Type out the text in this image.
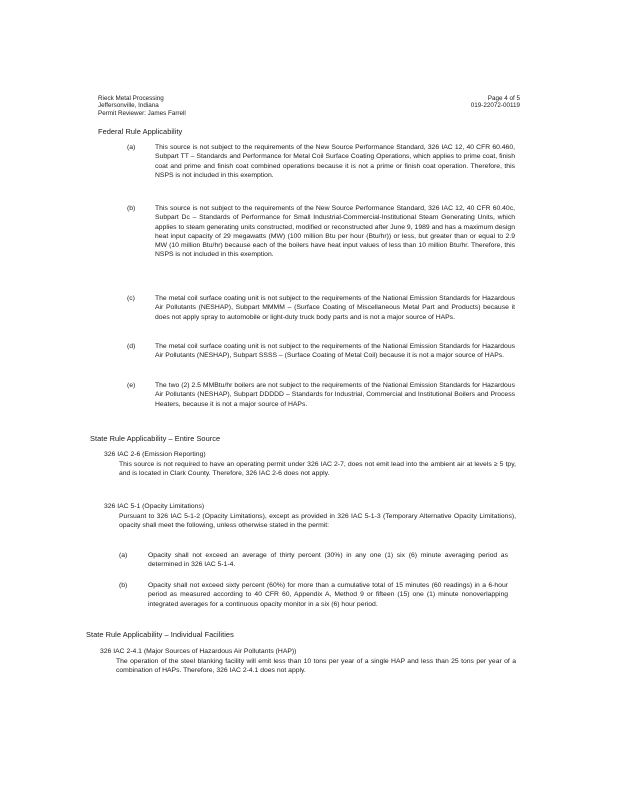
Rieck Metal Processing
Jeffersonville, Indiana
Permit Reviewer: James Farrell
Page 4 of 5
019-22072-00119
Federal Rule Applicability
(a)	This source is not subject to the requirements of the New Source Performance Standard, 326 IAC 12, 40 CFR 60.460, Subpart TT – Standards and Performance for Metal Coil Surface Coating Operations, which applies to prime coat, finish coat and prime and finish coat combined operations because it is not a prime or finish coat operation. Therefore, this NSPS is not included in this exemption.
(b)	This source is not subject to the requirements of the New Source Performance Standard, 326 IAC 12, 40 CFR 60.40c, Subpart Dc – Standards of Performance for Small Industrial-Commercial-Institutional Steam Generating Units, which applies to steam generating units constructed, modified or reconstructed after June 9, 1989 and has a maximum design heat input capacity of 29 megawatts (MW) (100 million Btu per hour (Btu/hr)) or less, but greater than or equal to 2.9 MW (10 million Btu/hr) because each of the boilers have heat input values of less than 10 million Btu/hr. Therefore, this NSPS is not included in this exemption.
(c)	The metal coil surface coating unit is not subject to the requirements of the National Emission Standards for Hazardous Air Pollutants (NESHAP), Subpart MMMM – (Surface Coating of Miscellaneous Metal Part and Products) because it does not apply spray to automobile or light-duty truck body parts and is not a major source of HAPs.
(d)	The metal coil surface coating unit is not subject to the requirements of the National Emission Standards for Hazardous Air Pollutants (NESHAP), Subpart SSSS – (Surface Coating of Metal Coil) because it is not a major source of HAPs.
(e)	The two (2) 2.5 MMBtu/hr boilers are not subject to the requirements of the National Emission Standards for Hazardous Air Pollutants (NESHAP), Subpart DDDDD – Standards for Industrial, Commercial and Institutional Boilers and Process Heaters, because it is not a major source of HAPs.
State Rule Applicability – Entire Source
326 IAC 2-6 (Emission Reporting)
This source is not required to have an operating permit under 326 IAC 2-7, does not emit lead into the ambient air at levels ≥ 5 tpy, and is located in Clark County. Therefore, 326 IAC 2-6 does not apply.
326 IAC 5-1 (Opacity Limitations)
Pursuant to 326 IAC 5-1-2 (Opacity Limitations), except as provided in 326 IAC 5-1-3 (Temporary Alternative Opacity Limitations), opacity shall meet the following, unless otherwise stated in the permit:
(a)	Opacity shall not exceed an average of thirty percent (30%) in any one (1) six (6) minute averaging period as determined in 326 IAC 5-1-4.
(b)	Opacity shall not exceed sixty percent (60%) for more than a cumulative total of 15 minutes (60 readings) in a 6-hour period as measured according to 40 CFR 60, Appendix A, Method 9 or fifteen (15) one (1) minute nonoverlapping integrated averages for a continuous opacity monitor in a six (6) hour period.
State Rule Applicability – Individual Facilities
326 IAC 2-4.1 (Major Sources of Hazardous Air Pollutants (HAP))
The operation of the steel blanking facility will emit less than 10 tons per year of a single HAP and less than 25 tons per year of a combination of HAPs. Therefore, 326 IAC 2-4.1 does not apply.
